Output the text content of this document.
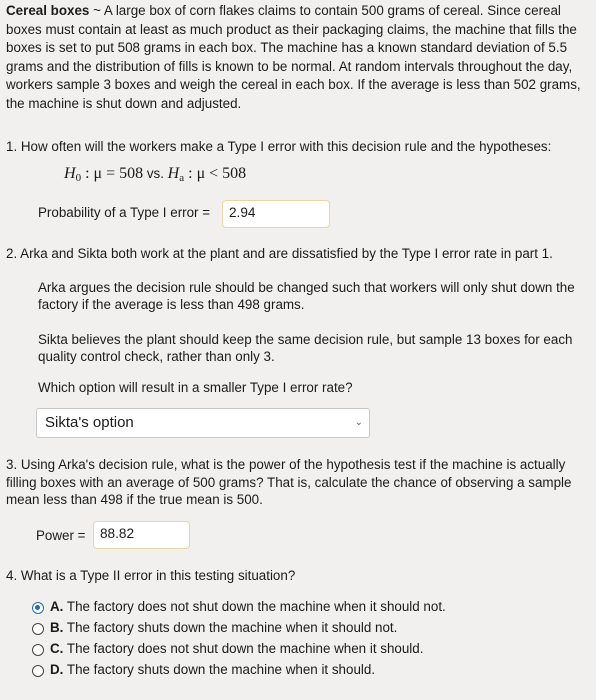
Cereal boxes ~ A large box of corn flakes claims to contain 500 grams of cereal. Since cereal
boxes must contain at least as much product as their packaging claims, the machine that fills the
boxes is set to put 508 grams in each box. The machine has a known standard deviation of 5.5
grams and the distribution of fills is known to be normal. At random intervals throughout the day,
workers sample 3 boxes and weigh the cereal in each box. If the average is less than 502 grams,
the machine is shut down and adjusted.
1. How often will the workers make a Type I error with this decision rule and the hypotheses:
$H_0$ : μ = 508 vs. $H_a$ : μ < 508
Probability of a Type I error =	2.94
2. Arka and Sikta both work at the plant and are dissatisfied by the Type I error rate in part 1.
Arka argues the decision rule should be changed such that workers will only shut down the
factory if the average is less than 498 grams.
Sikta believes the plant should keep the same decision rule, but sample 13 boxes for each
quality control check, rather than only 3.
Which option will result in a smaller Type I error rate?
Sikta's option	⌄
3. Using Arka's decision rule, what is the power of the hypothesis test if the machine is actually
filling boxes with an average of 500 grams? That is, calculate the chance of observing a sample
mean less than 498 if the true mean is 500.
Power =	88.82
4. What is a Type II error in this testing situation?
A. The factory does not shut down the machine when it should not.
B. The factory shuts down the machine when it should not.
C. The factory does not shut down the machine when it should.
D. The factory shuts down the machine when it should.
